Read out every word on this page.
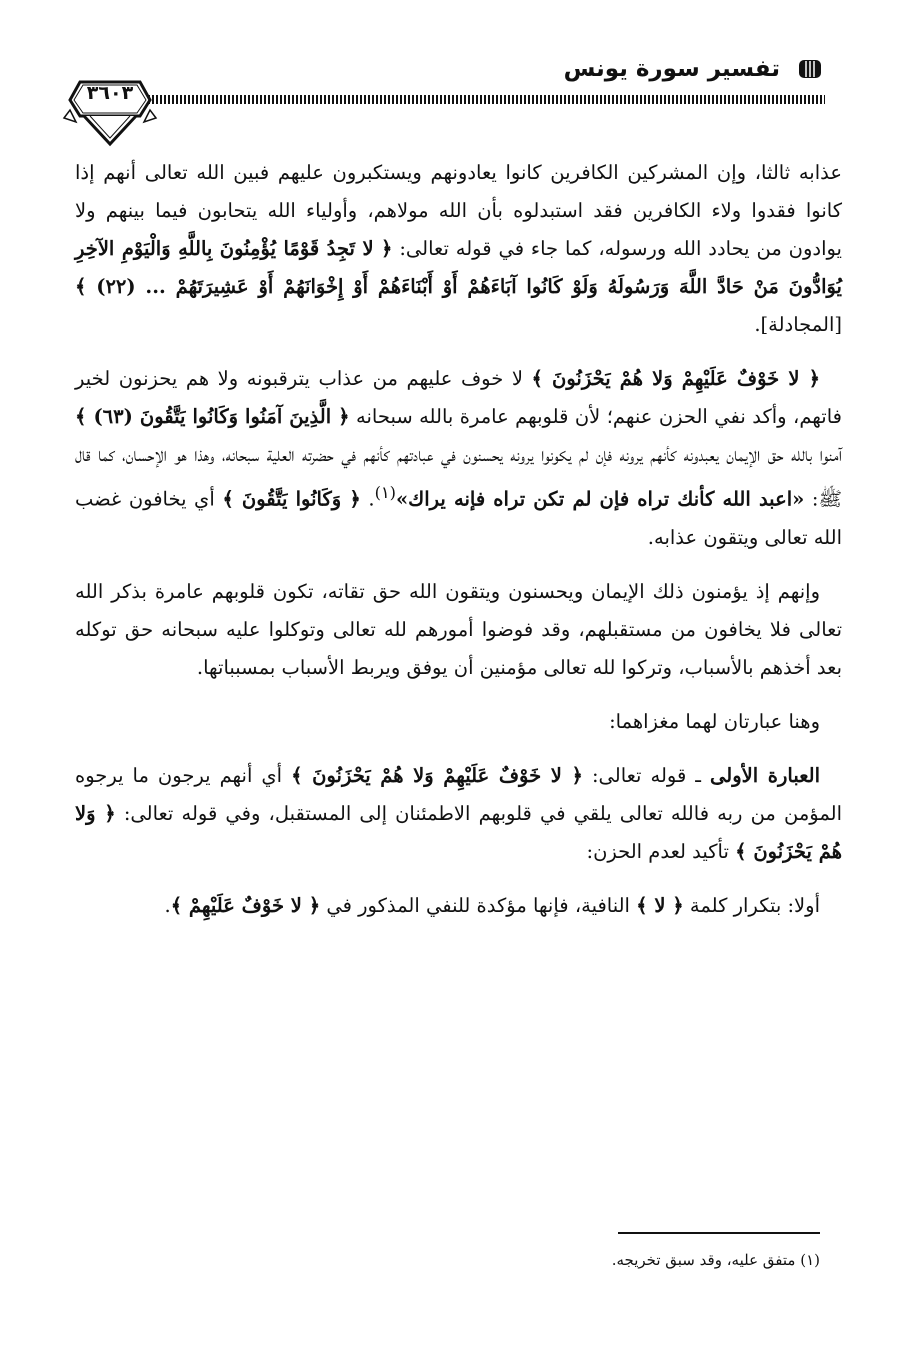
تفسير سورة يونس
٣٦٠٣

عذابه ثالثا، وإن المشركين الكافرين كانوا يعادونهم ويستكبرون عليهم فبين الله تعالى أنهم إذا كانوا فقدوا ولاء الكافرين فقد استبدلوه بأن الله مولاهم، وأولياء الله يتحابون فيما بينهم ولا يوادون من يحادد الله ورسوله، كما جاء في قوله تعالى: ﴿ لا تَجِدُ قَوْمًا يُؤْمِنُونَ بِاللَّهِ وَالْيَوْمِ الآخِرِ يُوَادُّونَ مَنْ حَادَّ اللَّهَ وَرَسُولَهُ وَلَوْ كَانُوا آبَاءَهُمْ أَوْ أَبْنَاءَهُمْ أَوْ إِخْوَانَهُمْ أَوْ عَشِيرَتَهُمْ ... (٢٢) ﴾ [المجادلة].

﴿ لا خَوْفٌ عَلَيْهِمْ وَلا هُمْ يَحْزَنُونَ ﴾ لا خوف عليهم من عذاب يترقبونه ولا هم يحزنون لخير فاتهم، وأكد نفي الحزن عنهم؛ لأن قلوبهم عامرة بالله سبحانه ﴿ الَّذِينَ آمَنُوا وَكَانُوا يَتَّقُونَ (٦٣) ﴾ آمنوا بالله حق الإيمان يعبدونه كأنهم يرونه فإن لم يكونوا يرونه يحسنون في عبادتهم كأنهم في حضرته العلية سبحانه، وهذا هو الإحسان، كما قال ﷺ: «اعبد الله كأنك تراه فإن لم تكن تراه فإنه يراك»$^{(١)}$. ﴿ وَكَانُوا يَتَّقُونَ ﴾ أي يخافون غضب الله تعالى ويتقون عذابه.

وإنهم إذ يؤمنون ذلك الإيمان ويحسنون ويتقون الله حق تقاته، تكون قلوبهم عامرة بذكر الله تعالى فلا يخافون من مستقبلهم، وقد فوضوا أمورهم لله تعالى وتوكلوا عليه سبحانه حق توكله بعد أخذهم بالأسباب، وتركوا لله تعالى مؤمنين أن يوفق ويربط الأسباب بمسبباتها.

وهنا عبارتان لهما مغزاهما:

العبارة الأولى ـ قوله تعالى: ﴿ لا خَوْفٌ عَلَيْهِمْ وَلا هُمْ يَحْزَنُونَ ﴾ أي أنهم يرجون ما يرجوه المؤمن من ربه فالله تعالى يلقي في قلوبهم الاطمئنان إلى المستقبل، وفي قوله تعالى: ﴿ وَلا هُمْ يَحْزَنُونَ ﴾ تأكيد لعدم الحزن:

أولا: بتكرار كلمة ﴿ لا ﴾ النافية، فإنها مؤكدة للنفي المذكور في ﴿ لا خَوْفٌ عَلَيْهِمْ ﴾.

(١) متفق عليه، وقد سبق تخريجه.
